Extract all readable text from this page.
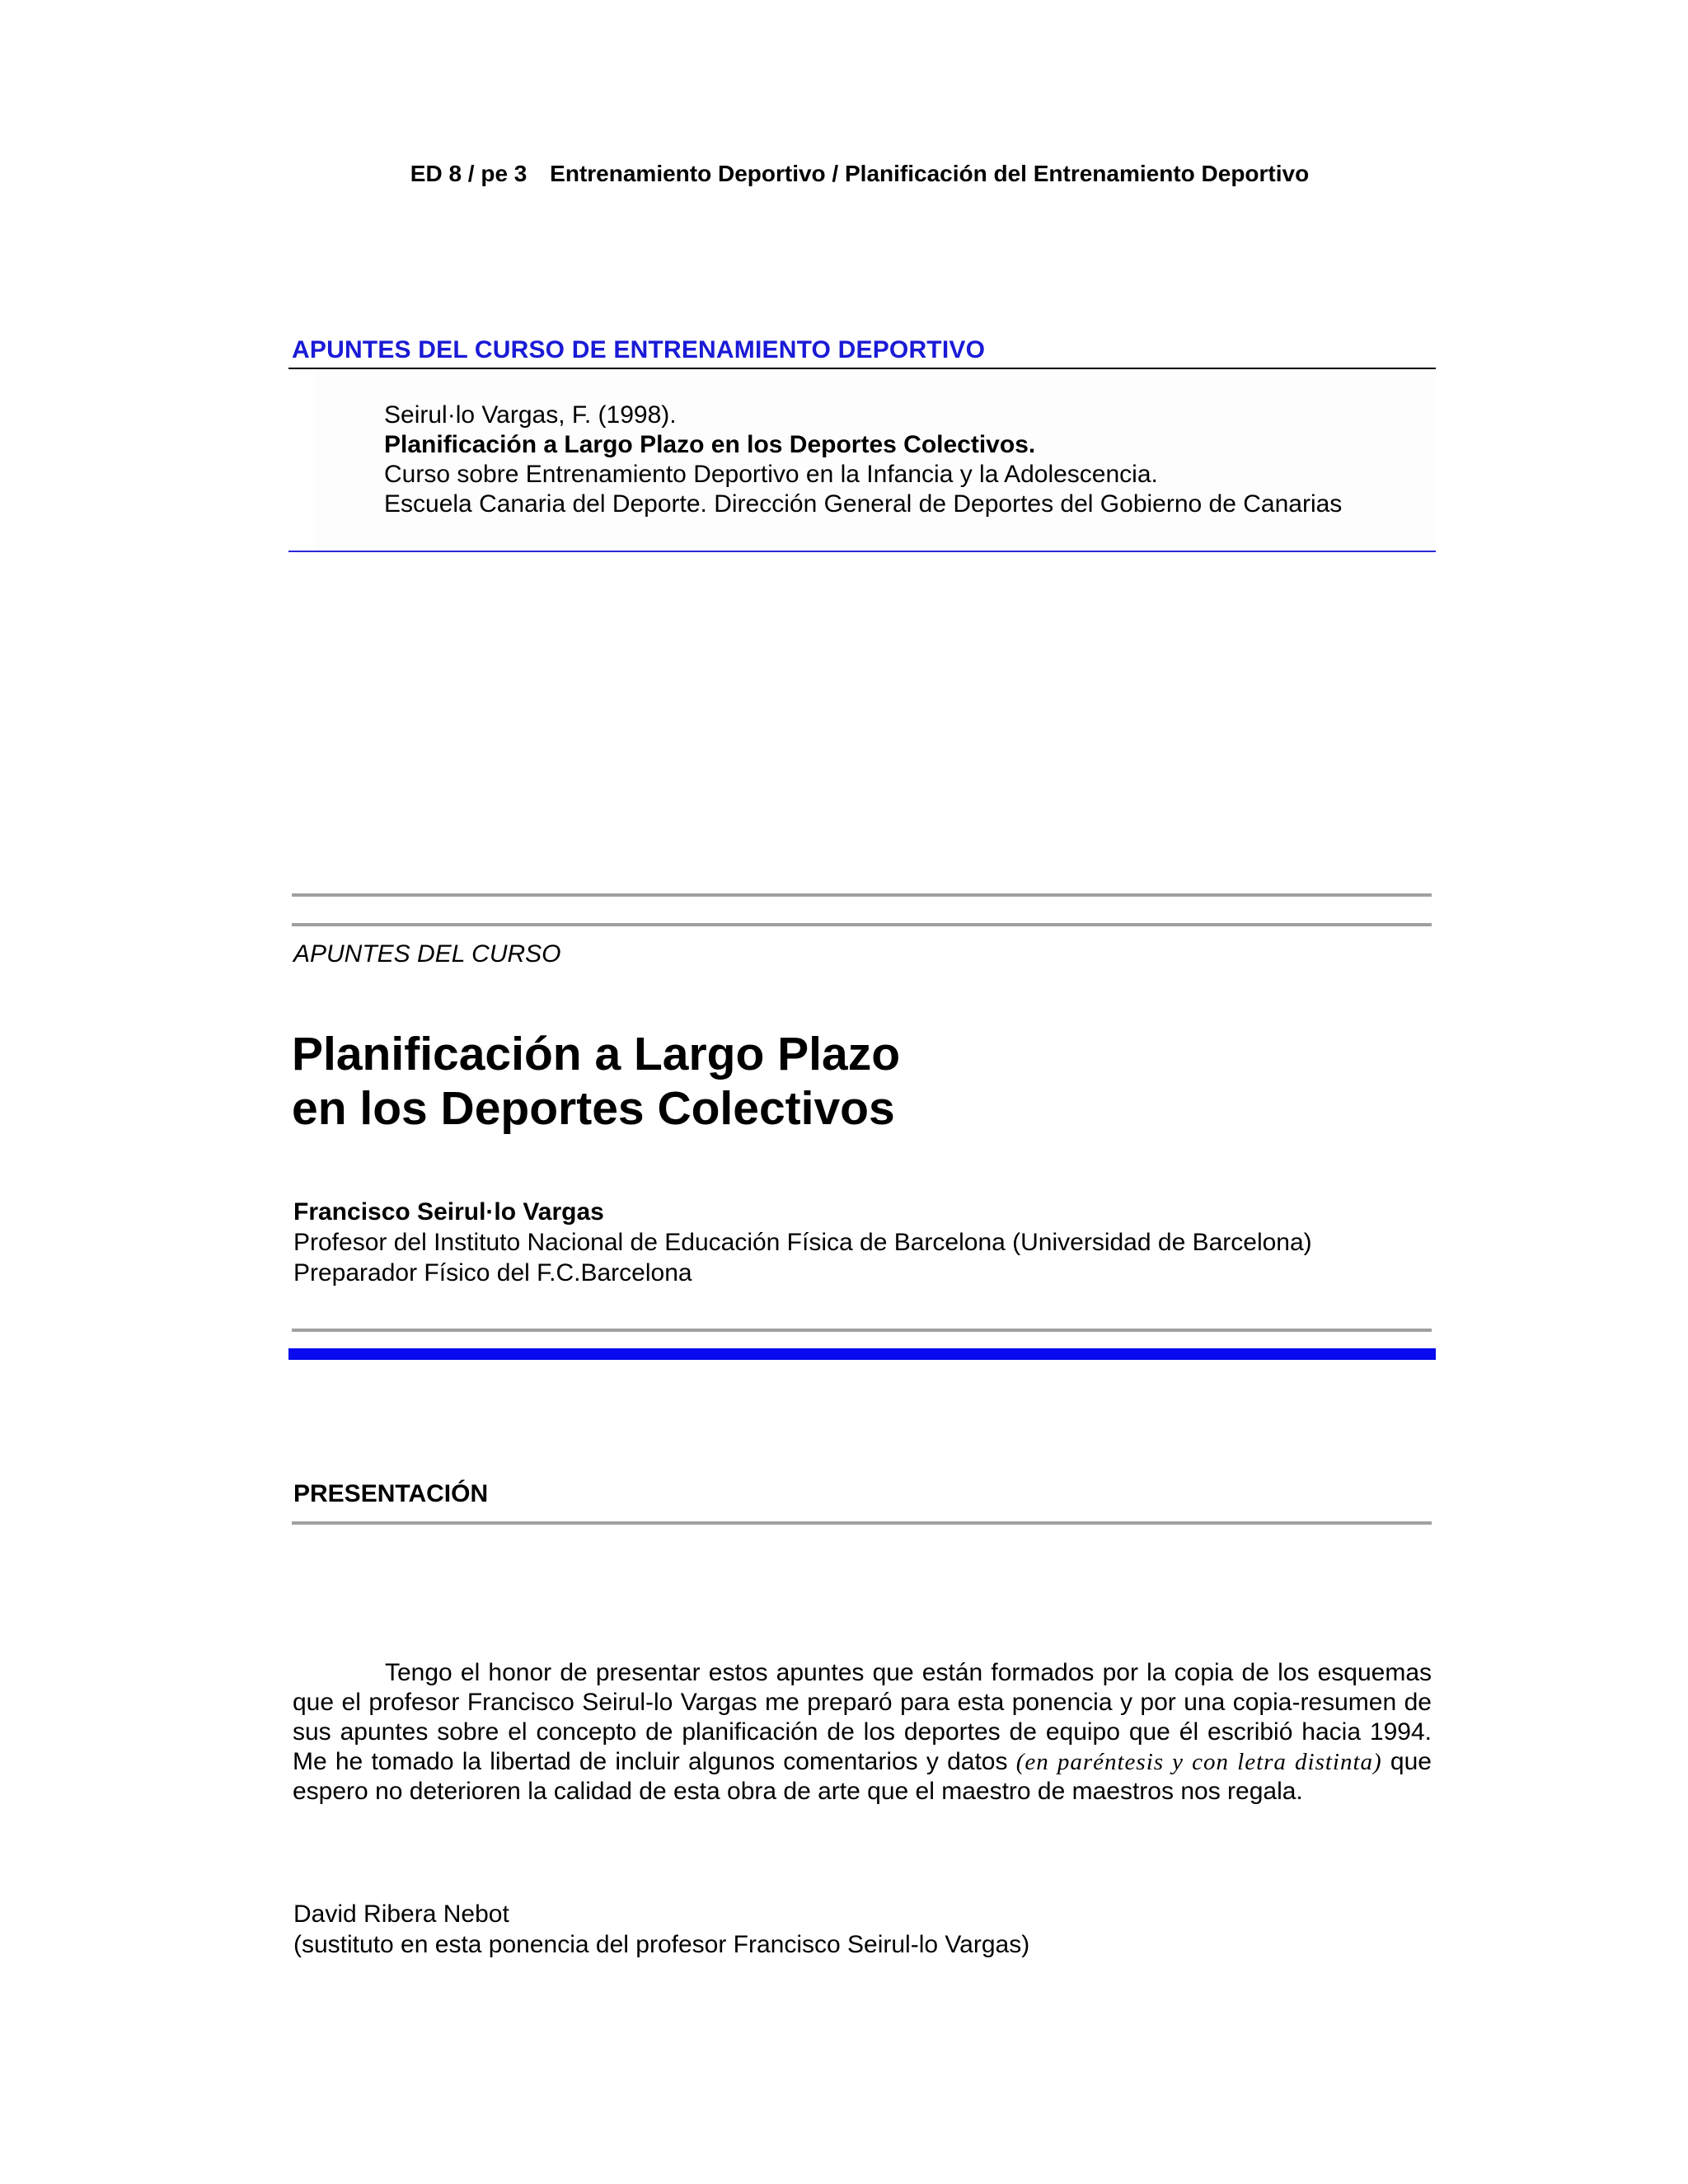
ED 8 / pe 3 Entrenamiento Deportivo / Planificación del Entrenamiento Deportivo
APUNTES DEL CURSO DE ENTRENAMIENTO DEPORTIVO
Seirul·lo Vargas, F. (1998).
Planificación a Largo Plazo en los Deportes Colectivos.
Curso sobre Entrenamiento Deportivo en la Infancia y la Adolescencia.
Escuela Canaria del Deporte. Dirección General de Deportes del Gobierno de Canarias
APUNTES DEL CURSO
Planificación a Largo Plazo
en los Deportes Colectivos
Francisco Seirul·lo Vargas
Profesor del Instituto Nacional de Educación Física de Barcelona (Universidad de Barcelona)
Preparador Físico del F.C.Barcelona
PRESENTACIÓN
Tengo el honor de presentar estos apuntes que están formados por la copia de los esquemas que el profesor Francisco Seirul-lo Vargas me preparó para esta ponencia y por una copia-resumen de sus apuntes sobre el concepto de planificación de los deportes de equipo que él escribió hacia 1994. Me he tomado la libertad de incluir algunos comentarios y datos (en paréntesis y con letra distinta) que espero no deterioren la calidad de esta obra de arte que el maestro de maestros nos regala.
David Ribera Nebot
(sustituto en esta ponencia del profesor Francisco Seirul-lo Vargas)
